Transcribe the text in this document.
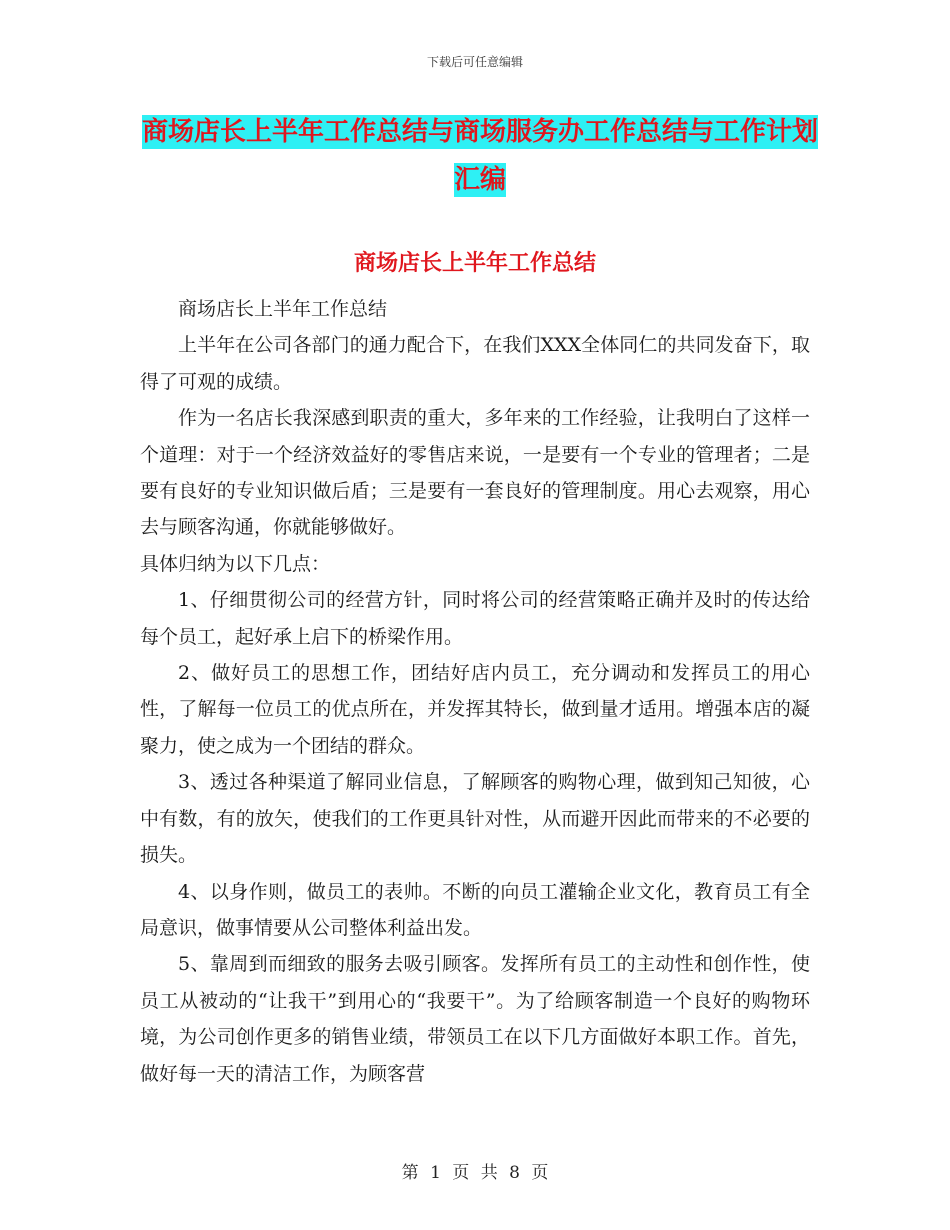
下载后可任意编辑
商场店长上半年工作总结与商场服务办工作总结与工作计划汇编
商场店长上半年工作总结

商场店长上半年工作总结

上半年在公司各部门的通力配合下，在我们XXX全体同仁的共同发奋下，取得了可观的成绩。

作为一名店长我深感到职责的重大，多年来的工作经验，让我明白了这样一个道理：对于一个经济效益好的零售店来说，一是要有一个专业的管理者；二是要有良好的专业知识做后盾；三是要有一套良好的管理制度。用心去观察，用心去与顾客沟通，你就能够做好。

具体归纳为以下几点：

1、仔细贯彻公司的经营方针，同时将公司的经营策略正确并及时的传达给每个员工，起好承上启下的桥梁作用。

2、做好员工的思想工作，团结好店内员工，充分调动和发挥员工的用心性，了解每一位员工的优点所在，并发挥其特长，做到量才适用。增强本店的凝聚力，使之成为一个团结的群众。

3、透过各种渠道了解同业信息，了解顾客的购物心理，做到知己知彼，心中有数，有的放矢，使我们的工作更具针对性，从而避开因此而带来的不必要的损失。

4、以身作则，做员工的表帅。不断的向员工灌输企业文化，教育员工有全局意识，做事情要从公司整体利益出发。

5、靠周到而细致的服务去吸引顾客。发挥所有员工的主动性和创作性，使员工从被动的“让我干”到用心的“我要干”。为了给顾客制造一个良好的购物环境，为公司创作更多的销售业绩，带领员工在以下几方面做好本职工作。首先，做好每一天的清洁工作，为顾客营

第 1 页 共 8 页
